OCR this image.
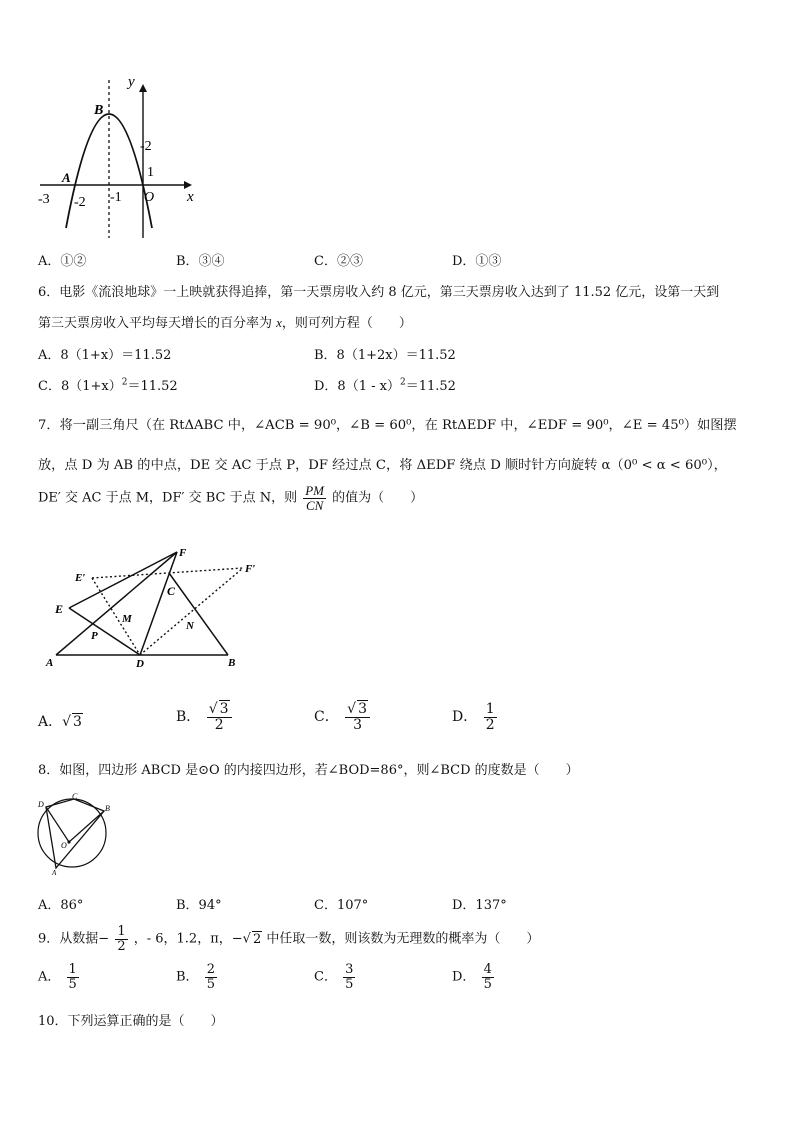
y
x
B
A
O
-3 -2 -1
-2
1
A．①②	B．③④	C．②③	D．①③
6．电影《流浪地球》一上映就获得追捧，第一天票房收入约 8 亿元，第三天票房收入达到了 11.52 亿元，设第一天到
第三天票房收入平均每天增长的百分率为 x，则可列方程（　　）
A．8（1+x）＝11.52	B．8（1+2x）＝11.52
C．$8(1+x)^2=11.52$	D．8（1 - x）$^2$＝11.52
7．将一副三角尺（在 RtΔABC 中，∠ACB = 90⁰，∠B = 60⁰，在 RtΔEDF 中，∠EDF = 90⁰，∠E = 45⁰）如图摆
放，点 D 为 AB 的中点，DE 交 AC 于点 P，DF 经过点 C，将 ΔEDF 绕点 D 顺时针方向旋转 α（0⁰ < α < 60⁰），
DE′ 交 AC 于点 M，DF′ 交 BC 于点 N，则 $\frac{PM}{CN}$ 的值为（　　）
F
E′
F′
C
E
M
N
P
A	D	B
A．√ 3	B． $\frac{√ 3}{2}$	C． $\frac{√ 3}{3}$	D． $\frac{1}{2}$
8．如图，四边形 ABCD 是⊙O 的内接四边形，若∠BOD=86°，则∠BCD 的度数是（　　）
D
C
B
O
A
A．86°	B．94°	C．107°	D．137°
9．从数据− $\frac{1}{2}$ ，- 6，1.2，π，−√ 2 中任取一数，则该数为无理数的概率为（　　）
A． $\frac{1}{5}$	B． $\frac{2}{5}$	C． $\frac{3}{5}$	D． $\frac{4}{5}$
10．下列运算正确的是（　　）
